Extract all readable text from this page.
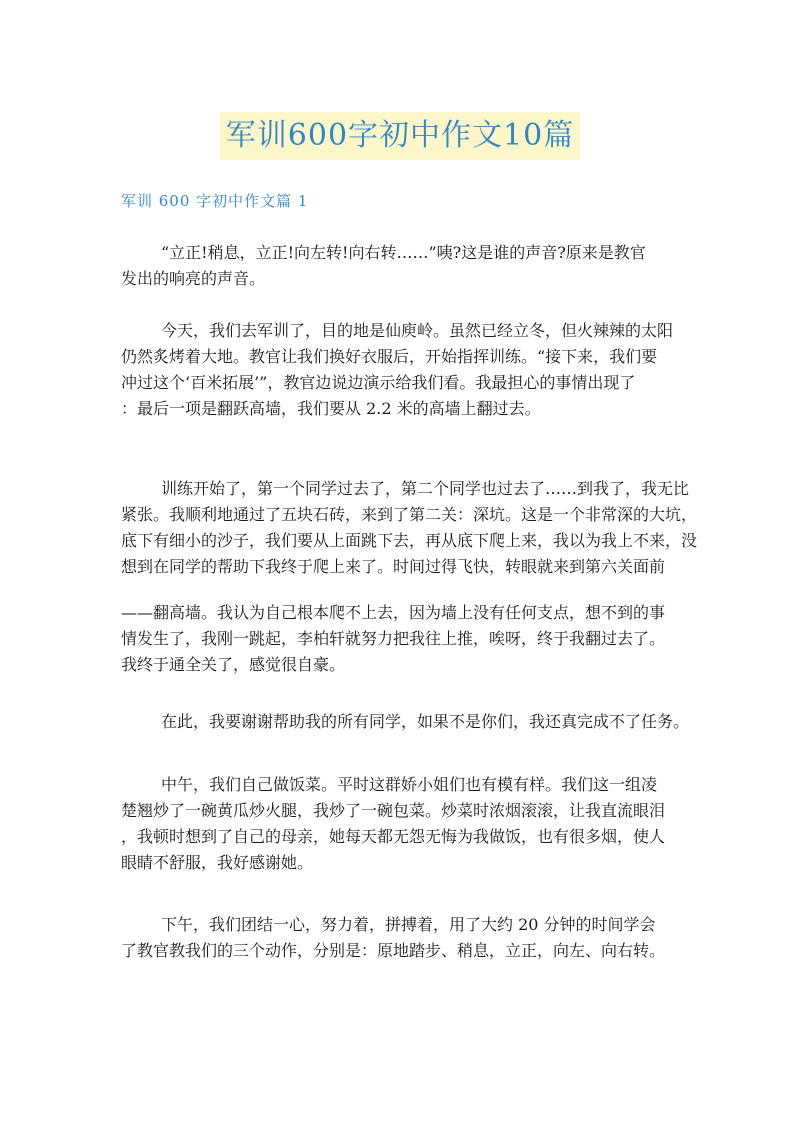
军训600字初中作文10篇
军训 600 字初中作文篇 1

“立正!稍息，立正!向左转!向右转……”咦?这是谁的声音?原来是教官
发出的响亮的声音。

今天，我们去军训了，目的地是仙庾岭。虽然已经立冬，但火辣辣的太阳
仍然炙烤着大地。教官让我们换好衣服后，开始指挥训练。“接下来，我们要
冲过这个‘百米拓展’”，教官边说边演示给我们看。我最担心的事情出现了
：最后一项是翻跃高墙，我们要从 2.2 米的高墙上翻过去。

训练开始了，第一个同学过去了，第二个同学也过去了……到我了，我无比
紧张。我顺利地通过了五块石砖，来到了第二关：深坑。这是一个非常深的大坑，
底下有细小的沙子，我们要从上面跳下去，再从底下爬上来，我以为我上不来，没
想到在同学的帮助下我终于爬上来了。时间过得飞快，转眼就来到第六关面前

——翻高墙。我认为自己根本爬不上去，因为墙上没有任何支点，想不到的事
情发生了，我刚一跳起，李柏轩就努力把我往上推，唉呀，终于我翻过去了。
我终于通全关了，感觉很自豪。

在此，我要谢谢帮助我的所有同学，如果不是你们，我还真完成不了任务。

中午，我们自己做饭菜。平时这群娇小姐们也有模有样。我们这一组凌
楚翘炒了一碗黄瓜炒火腿，我炒了一碗包菜。炒菜时浓烟滚滚，让我直流眼泪
，我顿时想到了自己的母亲，她每天都无怨无悔为我做饭，也有很多烟，使人
眼睛不舒服，我好感谢她。

下午，我们团结一心，努力着，拼搏着，用了大约 20 分钟的时间学会
了教官教我们的三个动作，分别是：原地踏步、稍息，立正，向左、向右转。
